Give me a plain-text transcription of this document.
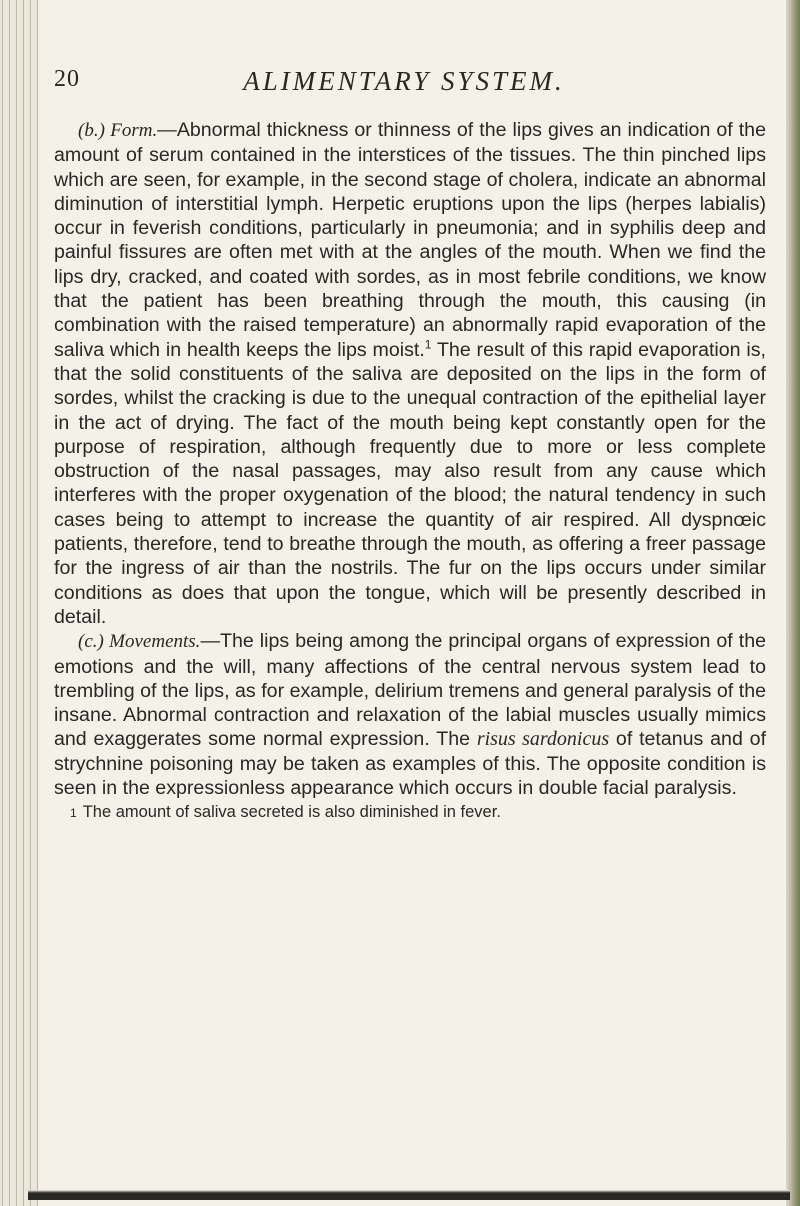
20	ALIMENTARY SYSTEM.

(b.) Form.—Abnormal thickness or thinness of the lips gives an indication of the amount of serum contained in the interstices of the tissues. The thin pinched lips which are seen, for example, in the second stage of cholera, indicate an abnormal diminution of interstitial lymph. Herpetic eruptions upon the lips (herpes labialis) occur in feverish conditions, particularly in pneumonia; and in syphilis deep and painful fissures are often met with at the angles of the mouth. When we find the lips dry, cracked, and coated with sordes, as in most febrile conditions, we know that the patient has been breathing through the mouth, this causing (in combination with the raised temperature) an abnormally rapid evaporation of the saliva which in health keeps the lips moist.$^1$ The result of this rapid evaporation is, that the solid constituents of the saliva are deposited on the lips in the form of sordes, whilst the cracking is due to the unequal contraction of the epithelial layer in the act of drying. The fact of the mouth being kept constantly open for the purpose of respiration, although frequently due to more or less complete obstruction of the nasal passages, may also result from any cause which interferes with the proper oxygenation of the blood; the natural tendency in such cases being to attempt to increase the quantity of air respired. All dyspnœic patients, therefore, tend to breathe through the mouth, as offering a freer passage for the ingress of air than the nostrils. The fur on the lips occurs under similar conditions as does that upon the tongue, which will be presently described in detail.

(c.) Movements.—The lips being among the principal organs of expression of the emotions and the will, many affections of the central nervous system lead to trembling of the lips, as for example, delirium tremens and general paralysis of the insane. Abnormal contraction and relaxation of the labial muscles usually mimics and exaggerates some normal expression. The risus sardonicus of tetanus and of strychnine poisoning may be taken as examples of this. The opposite condition is seen in the expressionless appearance which occurs in double facial paralysis.

1 The amount of saliva secreted is also diminished in fever.
